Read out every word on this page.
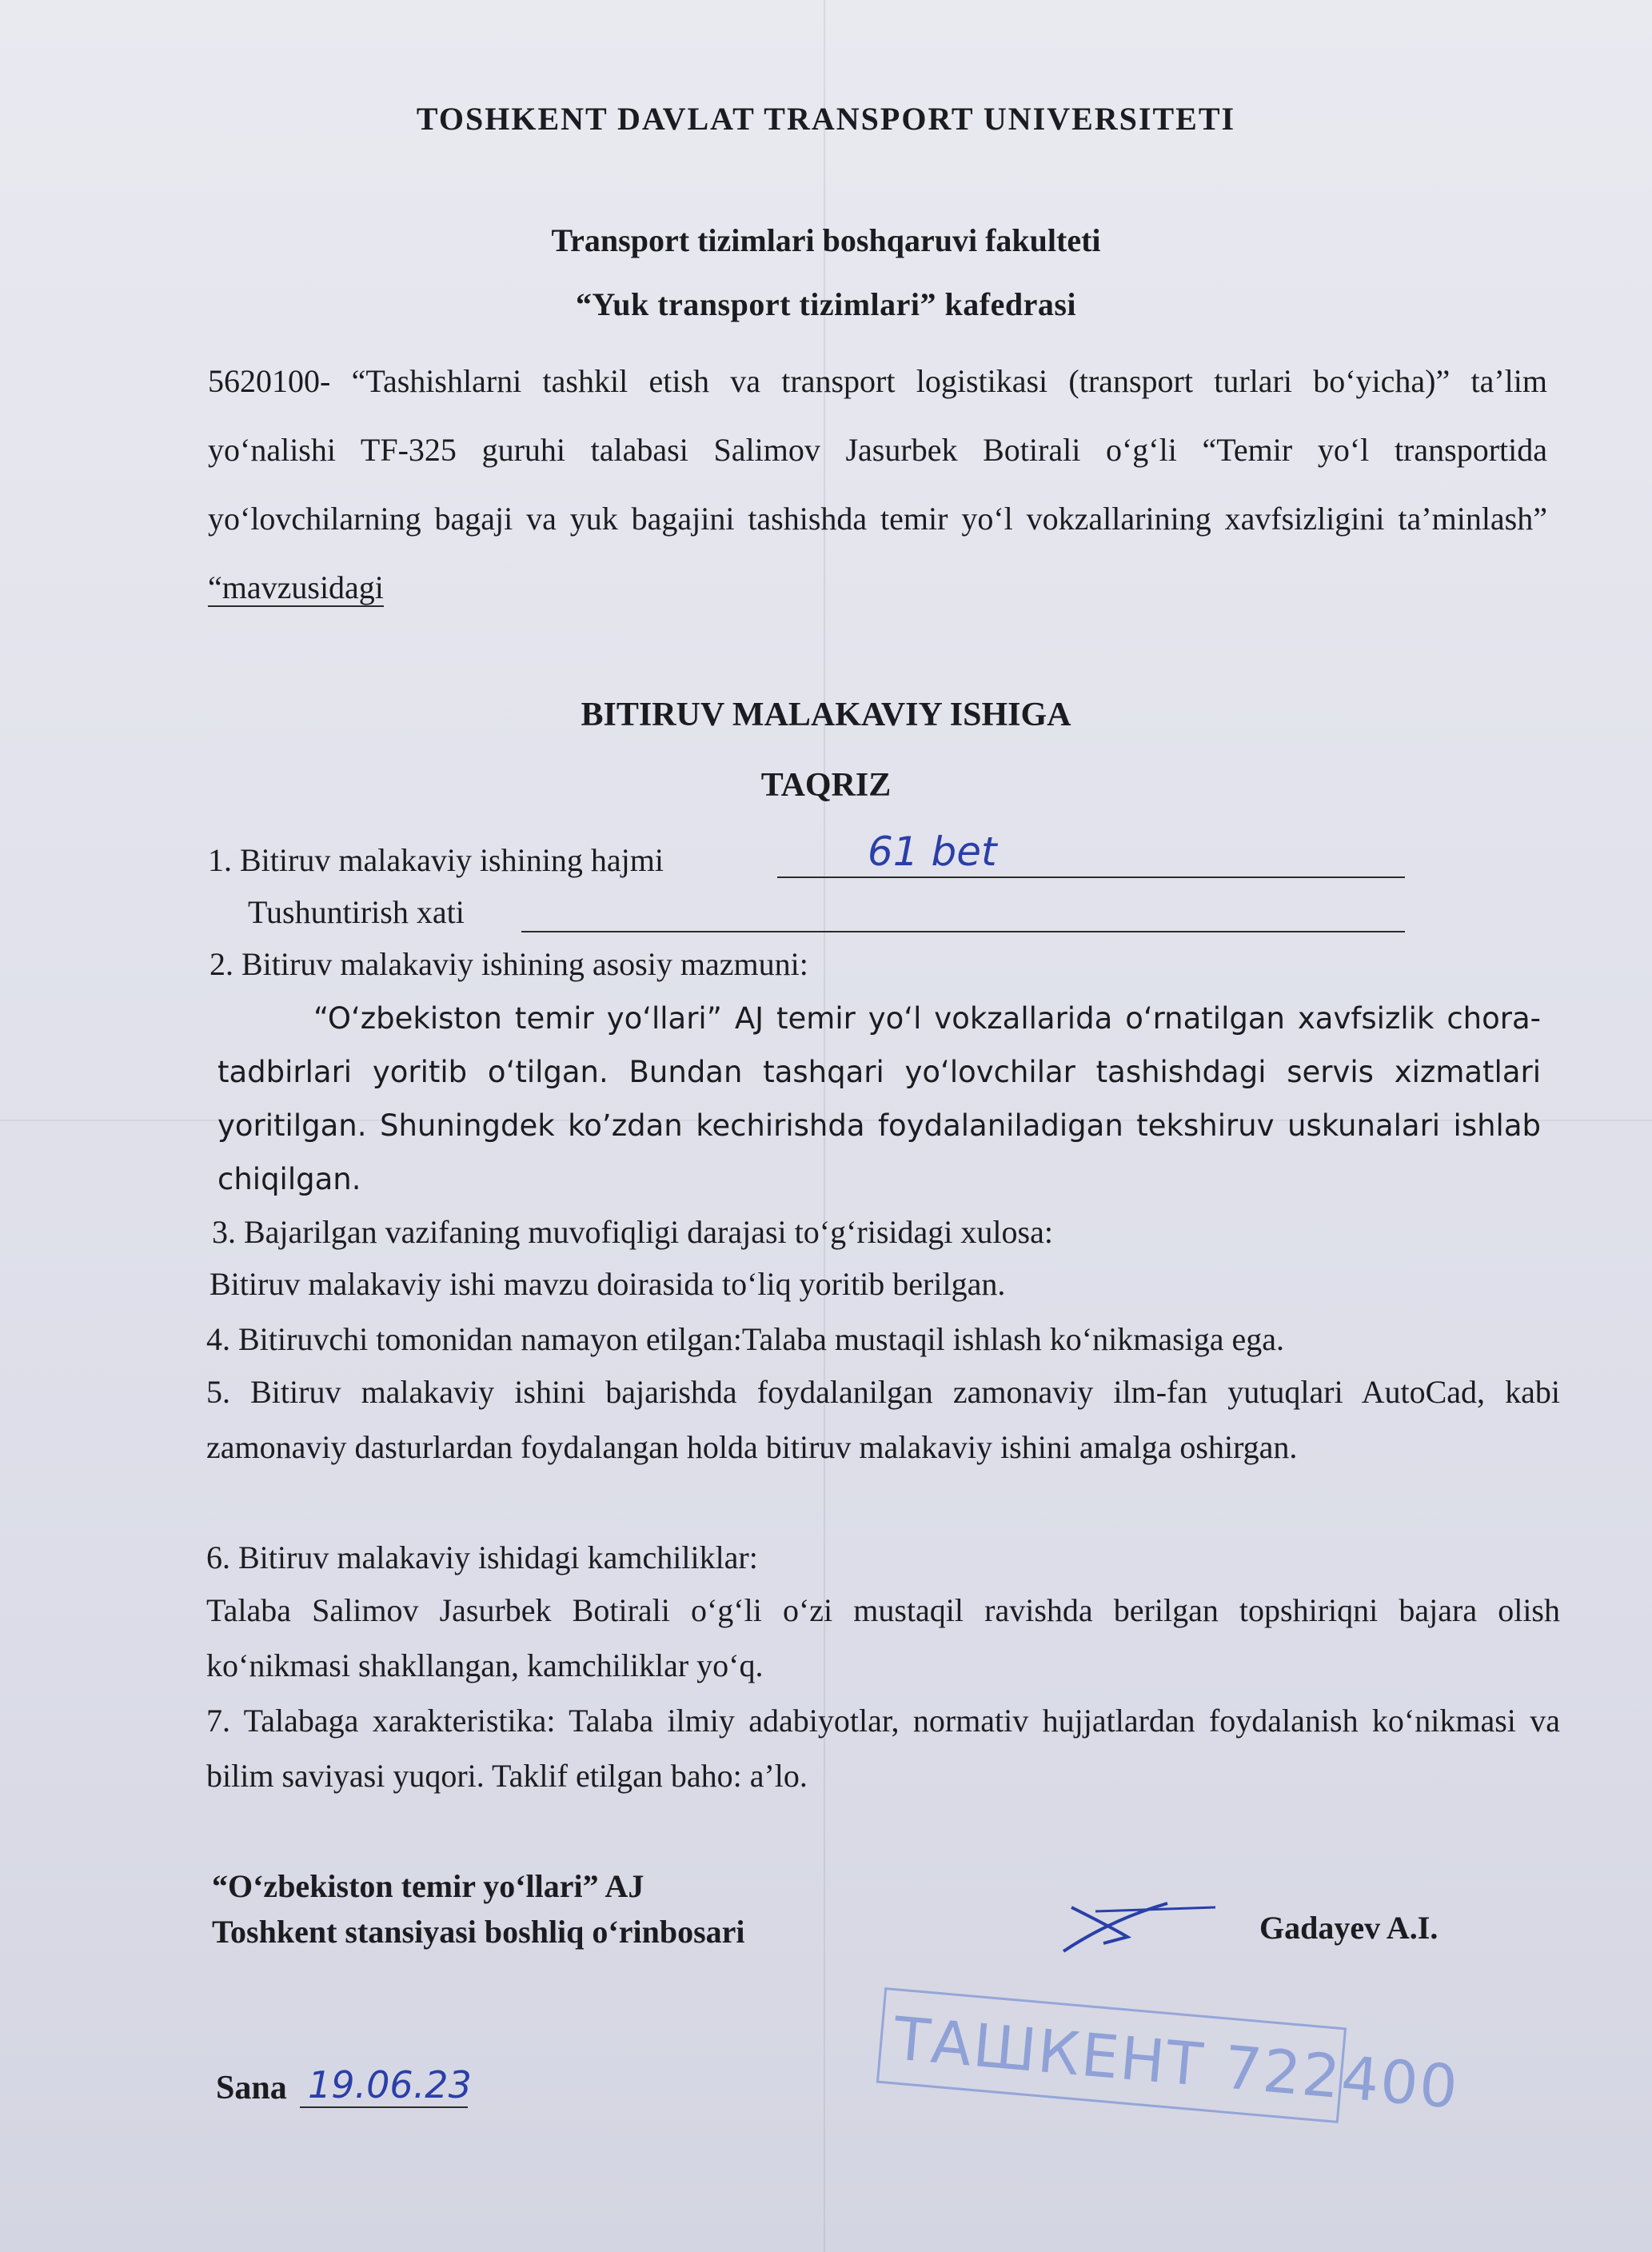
TOSHKENT DAVLAT TRANSPORT UNIVERSITETI
Transport tizimlari boshqaruvi fakulteti
“Yuk transport tizimlari” kafedrasi
5620100- “Tashishlarni tashkil etish va transport logistikasi (transport turlari bo‘yicha)” ta’lim yo‘nalishi TF-325 guruhi talabasi Salimov Jasurbek Botirali o‘g‘li “Temir yo‘l transportida yo‘lovchilarning bagaji va yuk bagajini tashishda temir yo‘l vokzallarining xavfsizligini ta’minlash” “mavzusidagi
BITIRUV MALAKAVIY ISHIGA
TAQRIZ
1. Bitiruv malakaviy ishining hajmi	61 bet
Tushuntirish xati
2. Bitiruv malakaviy ishining asosiy mazmuni:
“O‘zbekiston temir yo‘llari” AJ temir yo‘l vokzallarida o‘rnatilgan xavfsizlik chora-tadbirlari yoritib o‘tilgan. Bundan tashqari yo‘lovchilar tashishdagi servis xizmatlari yoritilgan. Shuningdek ko’zdan kechirishda foydalaniladigan tekshiruv uskunalari ishlab chiqilgan.
3. Bajarilgan vazifaning muvofiqligi darajasi to‘g‘risidagi xulosa:
Bitiruv malakaviy ishi mavzu doirasida to‘liq yoritib berilgan.
4. Bitiruvchi tomonidan namayon etilgan:Talaba mustaqil ishlash ko‘nikmasiga ega.
5. Bitiruv malakaviy ishini bajarishda foydalanilgan zamonaviy ilm-fan yutuqlari AutoCad, kabi zamonaviy dasturlardan foydalangan holda bitiruv malakaviy ishini amalga oshirgan.
6. Bitiruv malakaviy ishidagi kamchiliklar:
Talaba Salimov Jasurbek Botirali o‘g‘li o‘zi mustaqil ravishda berilgan topshiriqni bajara olish ko‘nikmasi shakllangan, kamchiliklar yo‘q.
7. Talabaga xarakteristika: Talaba ilmiy adabiyotlar, normativ hujjatlardan foydalanish ko‘nikmasi va bilim saviyasi yuqori. Taklif etilgan baho: a’lo.
“O‘zbekiston temir yo‘llari” AJ
Toshkent stansiyasi boshliq o‘rinbosari	Gadayev A.I.
Sana 19.06.23	ТАШКЕНТ 722400
